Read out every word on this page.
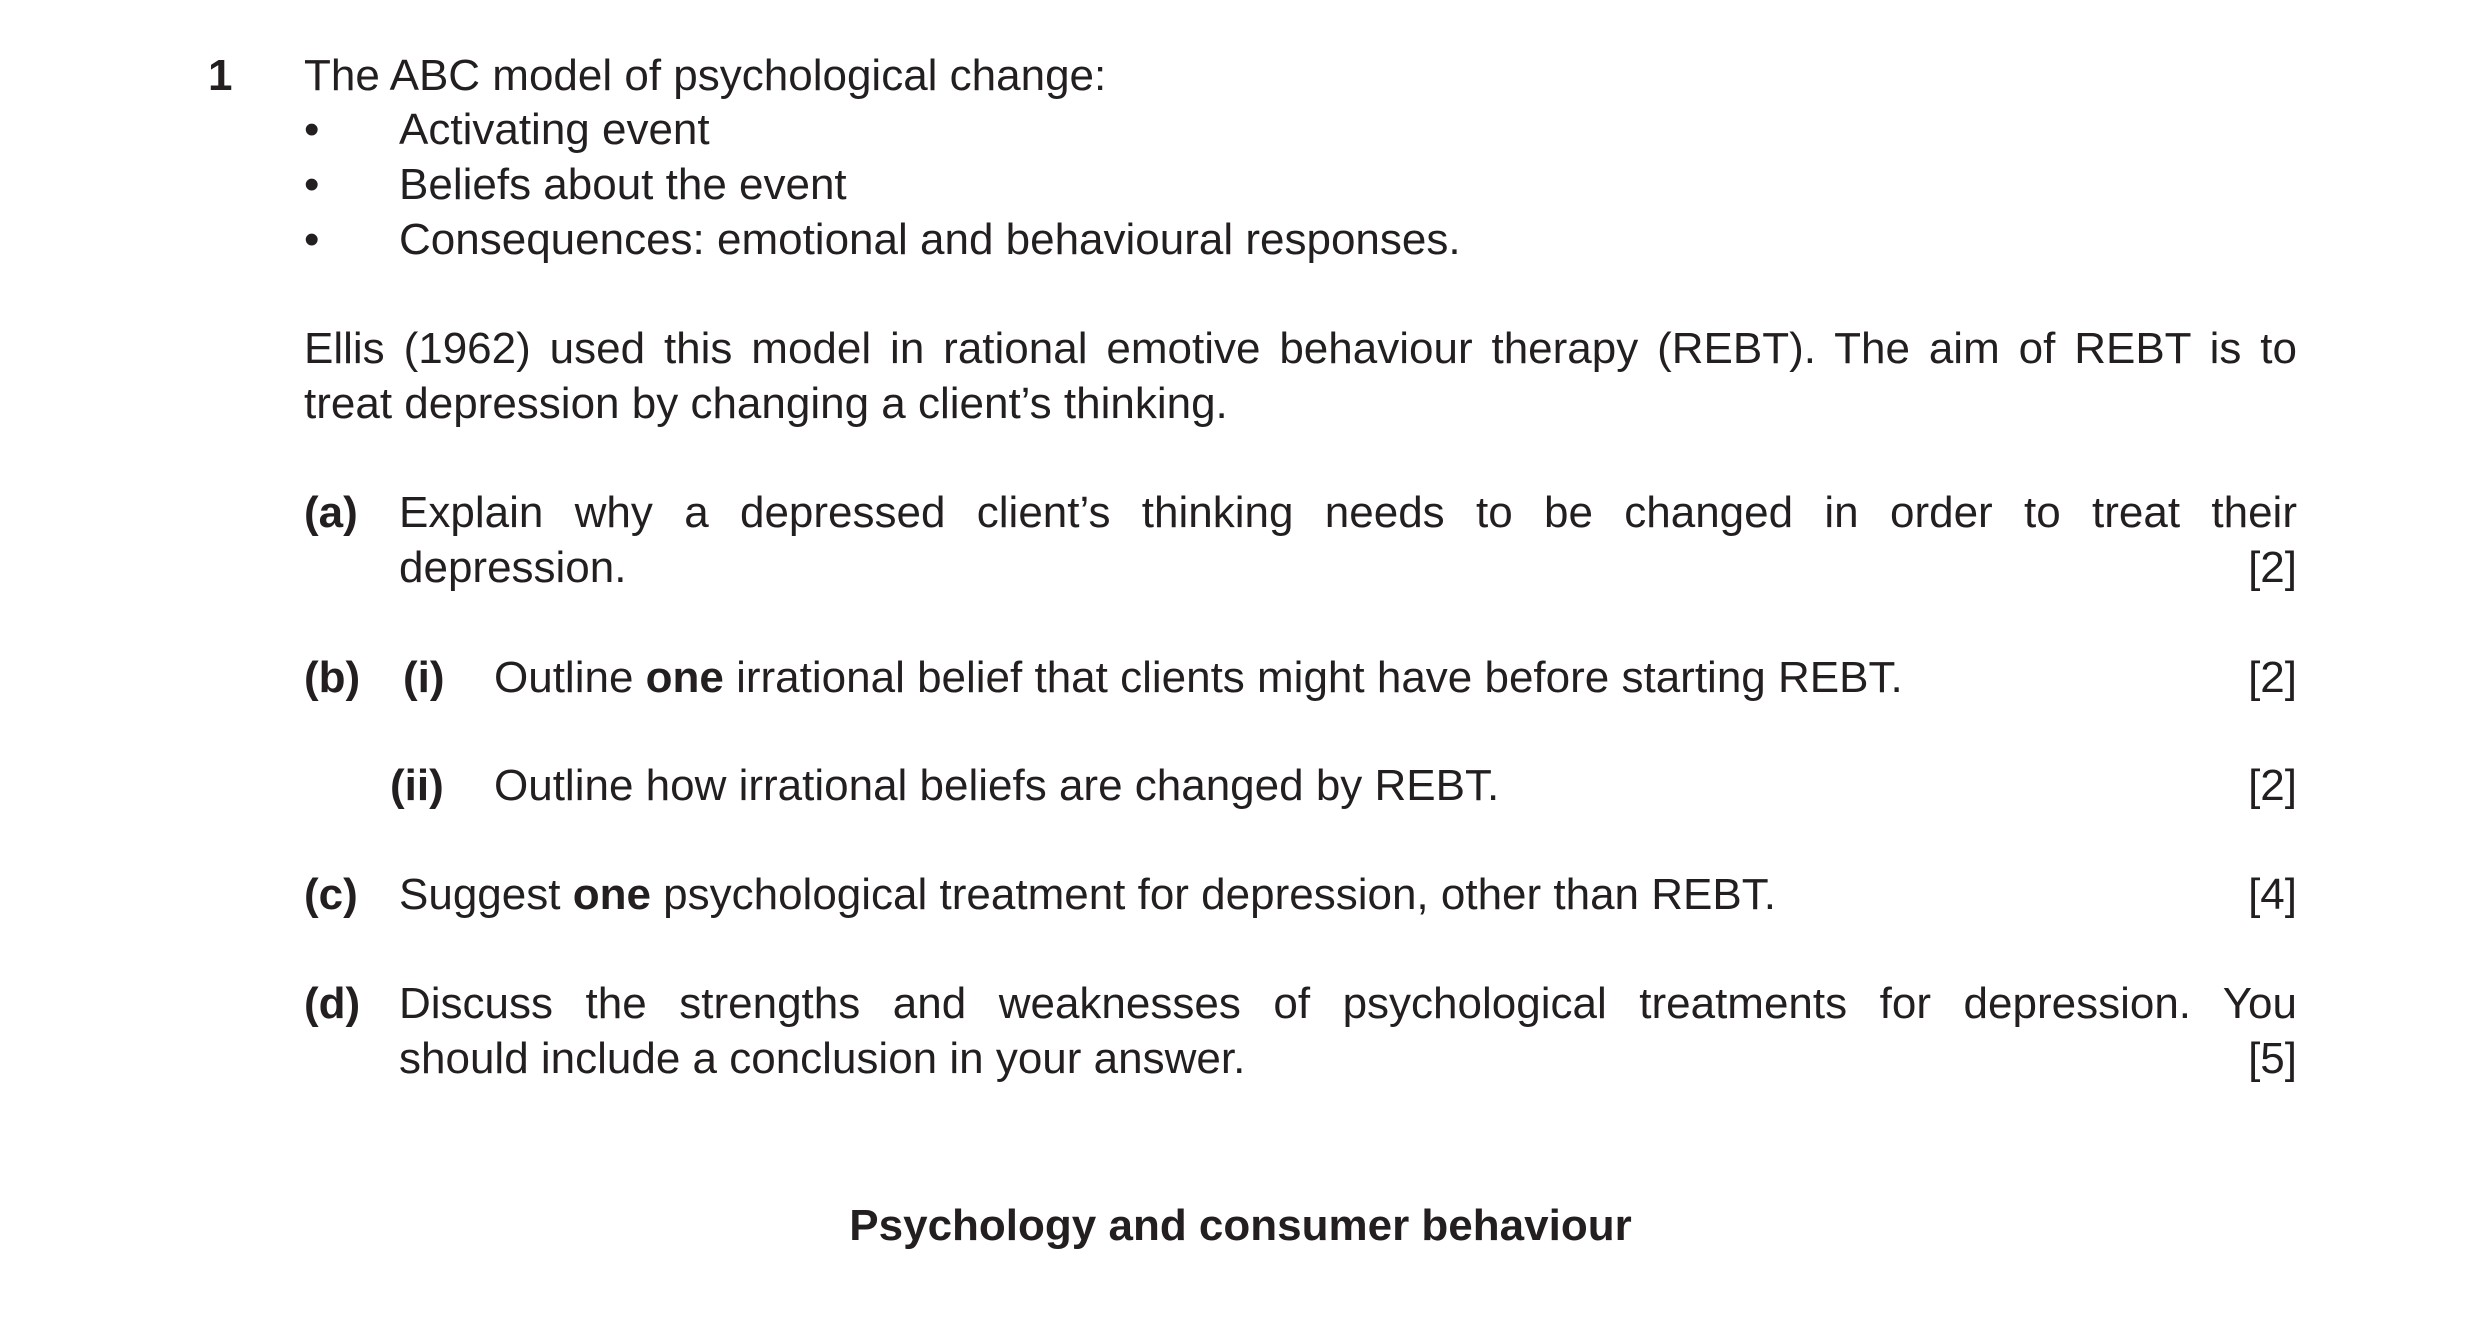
1 The ABC model of psychological change:
• Activating event
• Beliefs about the event
• Consequences: emotional and behavioural responses.
Ellis (1962) used this model in rational emotive behaviour therapy (REBT). The aim of REBT is to
treat depression by changing a client’s thinking.
(a) Explain why a depressed client’s thinking needs to be changed in order to treat their
depression.	[2]
(b) (i) Outline one irrational belief that clients might have before starting REBT.	[2]
(ii) Outline how irrational beliefs are changed by REBT.	[2]
(c) Suggest one psychological treatment for depression, other than REBT.	[4]
(d) Discuss the strengths and weaknesses of psychological treatments for depression. You
should include a conclusion in your answer.	[5]
Psychology and consumer behaviour
